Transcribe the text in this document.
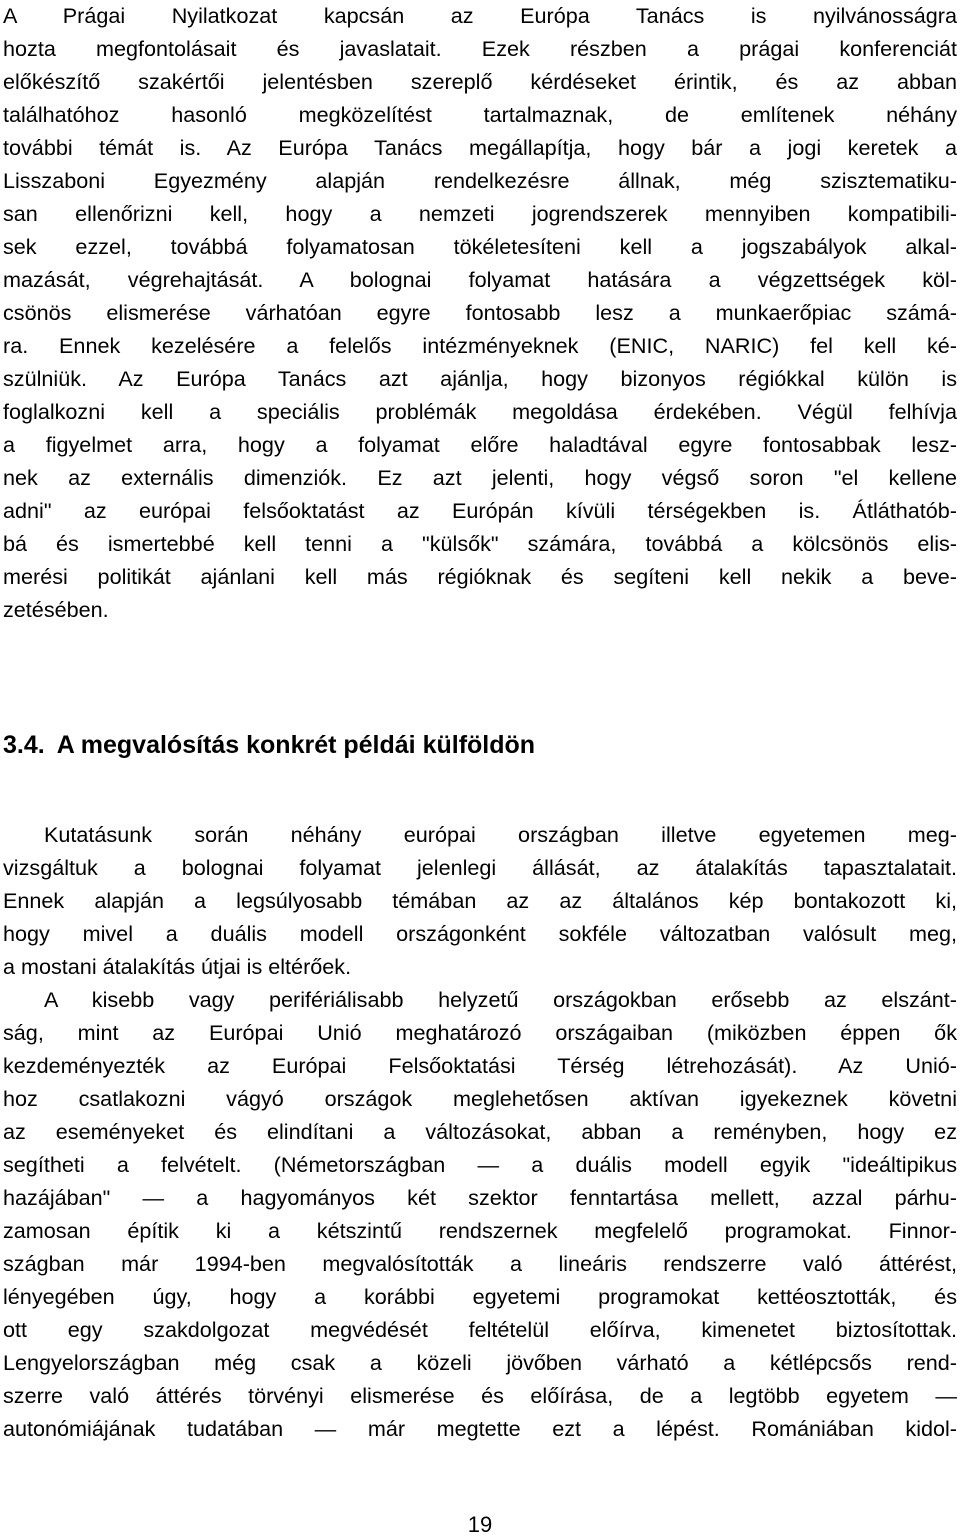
A Prágai Nyilatkozat kapcsán az Európa Tanács is nyilvánosságra
hozta megfontolásait és javaslatait. Ezek részben a prágai konferenciát
előkészítő szakértői jelentésben szereplő kérdéseket érintik, és az abban
találhatóhoz hasonló megközelítést tartalmaznak, de említenek néhány
további témát is. Az Európa Tanács megállapítja, hogy bár a jogi keretek a
Lisszaboni Egyezmény alapján rendelkezésre állnak, még szisztematiku-
san ellenőrizni kell, hogy a nemzeti jogrendszerek mennyiben kompatibili-
sek ezzel, továbbá folyamatosan tökéletesíteni kell a jogszabályok alkal-
mazását, végrehajtását. A bolognai folyamat hatására a végzettségek köl-
csönös elismerése várhatóan egyre fontosabb lesz a munkaerőpiac számá-
ra. Ennek kezelésére a felelős intézményeknek (ENIC, NARIC) fel kell ké-
szülniük. Az Európa Tanács azt ajánlja, hogy bizonyos régiókkal külön is
foglalkozni kell a speciális problémák megoldása érdekében. Végül felhívja
a figyelmet arra, hogy a folyamat előre haladtával egyre fontosabbak lesz-
nek az externális dimenziók. Ez azt jelenti, hogy végső soron "el kellene
adni" az európai felsőoktatást az Európán kívüli térségekben is. Átláthatób-
bá és ismertebbé kell tenni a "külsők" számára, továbbá a kölcsönös elis-
merési politikát ajánlani kell más régióknak és segíteni kell nekik a beve-
zetésében.
3.4. A megvalósítás konkrét példái külföldön
Kutatásunk során néhány európai országban illetve egyetemen meg-
vizsgáltuk a bolognai folyamat jelenlegi állását, az átalakítás tapasztalatait.
Ennek alapján a legsúlyosabb témában az az általános kép bontakozott ki,
hogy mivel a duális modell országonként sokféle változatban valósult meg,
a mostani átalakítás útjai is eltérőek.
A kisebb vagy perifériálisabb helyzetű országokban erősebb az elszánt-
ság, mint az Európai Unió meghatározó országaiban (miközben éppen ők
kezdeményezték az Európai Felsőoktatási Térség létrehozását). Az Unió-
hoz csatlakozni vágyó országok meglehetősen aktívan igyekeznek követni
az eseményeket és elindítani a változásokat, abban a reményben, hogy ez
segítheti a felvételt. (Németországban — a duális modell egyik "ideáltipikus
hazájában" — a hagyományos két szektor fenntartása mellett, azzal párhu-
zamosan építik ki a kétszintű rendszernek megfelelő programokat. Finnor-
szágban már 1994-ben megvalósították a lineáris rendszerre való áttérést,
lényegében úgy, hogy a korábbi egyetemi programokat kettéosztották, és
ott egy szakdolgozat megvédését feltételül előírva, kimenetet biztosítottak.
Lengyelországban még csak a közeli jövőben várható a kétlépcsős rend-
szerre való áttérés törvényi elismerése és előírása, de a legtöbb egyetem —
autonómiájának tudatában — már megtette ezt a lépést. Romániában kidol-
19
